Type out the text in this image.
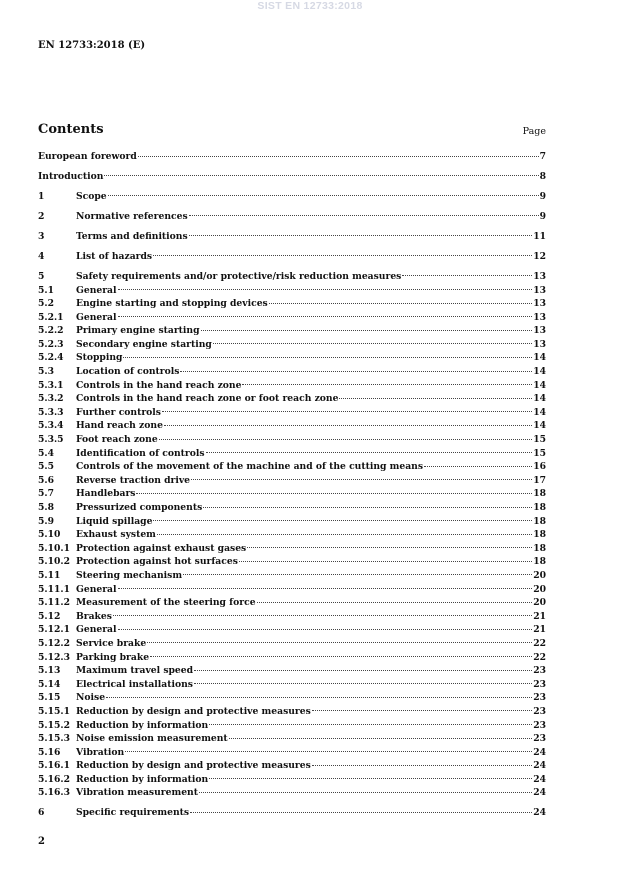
SIST EN 12733:2018
EN 12733:2018 (E)
Contents	Page
European foreword	7
Introduction	8
1	Scope	9
2	Normative references	9
3	Terms and definitions	11
4	List of hazards	12
5	Safety requirements and/or protective/risk reduction measures	13
5.1	General	13
5.2	Engine starting and stopping devices	13
5.2.1	General	13
5.2.2	Primary engine starting	13
5.2.3	Secondary engine starting	13
5.2.4	Stopping	14
5.3	Location of controls	14
5.3.1	Controls in the hand reach zone	14
5.3.2	Controls in the hand reach zone or foot reach zone	14
5.3.3	Further controls	14
5.3.4	Hand reach zone	14
5.3.5	Foot reach zone	15
5.4	Identification of controls	15
5.5	Controls of the movement of the machine and of the cutting means	16
5.6	Reverse traction drive	17
5.7	Handlebars	18
5.8	Pressurized components	18
5.9	Liquid spillage	18
5.10	Exhaust system	18
5.10.1 Protection against exhaust gases	18
5.10.2 Protection against hot surfaces	18
5.11	Steering mechanism	20
5.11.1 General	20
5.11.2 Measurement of the steering force	20
5.12	Brakes	21
5.12.1 General	21
5.12.2 Service brake	22
5.12.3 Parking brake	22
5.13	Maximum travel speed	23
5.14	Electrical installations	23
5.15	Noise	23
5.15.1 Reduction by design and protective measures	23
5.15.2 Reduction by information	23
5.15.3 Noise emission measurement	23
5.16	Vibration	24
5.16.1 Reduction by design and protective measures	24
5.16.2 Reduction by information	24
5.16.3 Vibration measurement	24
6	Specific requirements	24
2
